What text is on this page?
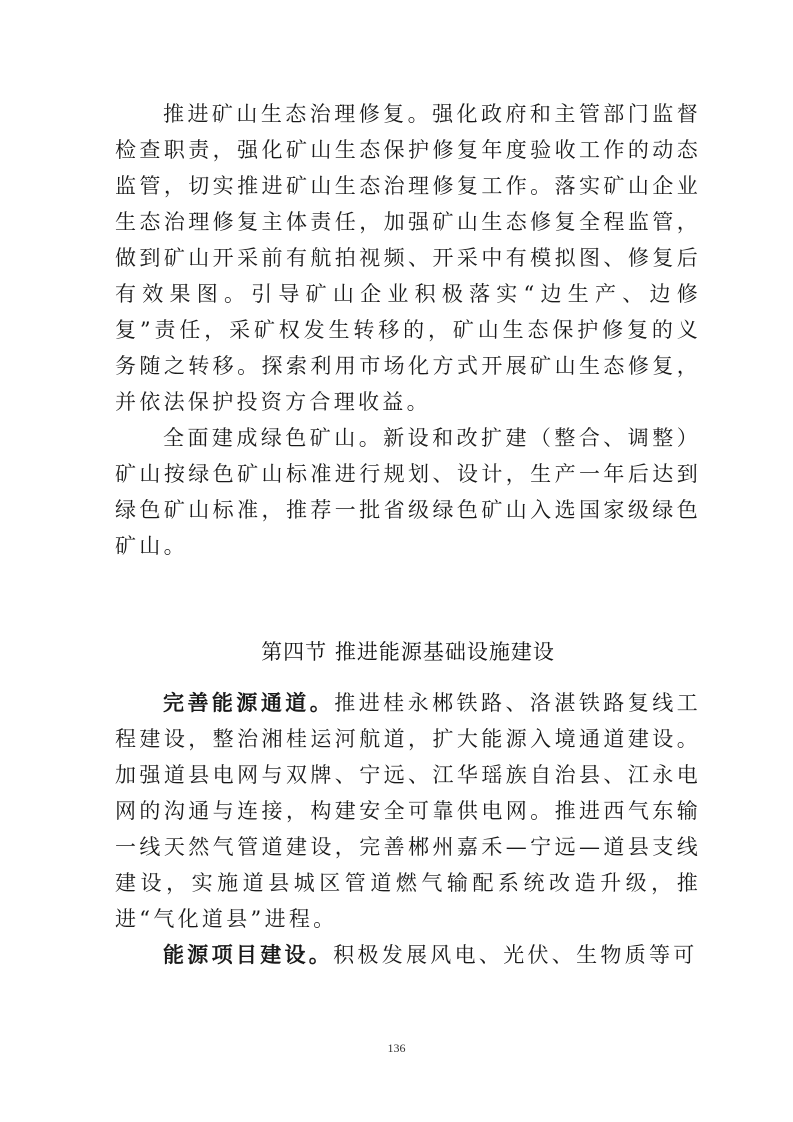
推进矿山生态治理修复。强化政府和主管部门监督检查职责，强化矿山生态保护修复年度验收工作的动态监管，切实推进矿山生态治理修复工作。落实矿山企业生态治理修复主体责任，加强矿山生态修复全程监管，做到矿山开采前有航拍视频、开采中有模拟图、修复后有效果图。引导矿山企业积极落实“边生产、边修复”责任，采矿权发生转移的，矿山生态保护修复的义务随之转移。探索利用市场化方式开展矿山生态修复，并依法保护投资方合理收益。

全面建成绿色矿山。新设和改扩建（整合、调整）矿山按绿色矿山标准进行规划、设计，生产一年后达到绿色矿山标准，推荐一批省级绿色矿山入选国家级绿色矿山。

第四节 推进能源基础设施建设

完善能源通道。推进桂永郴铁路、洛湛铁路复线工程建设，整治湘桂运河航道，扩大能源入境通道建设。加强道县电网与双牌、宁远、江华瑶族自治县、江永电网的沟通与连接，构建安全可靠供电网。推进西气东输一线天然气管道建设，完善郴州嘉禾—宁远—道县支线建设，实施道县城区管道燃气输配系统改造升级，推进“气化道县”进程。

能源项目建设。积极发展风电、光伏、生物质等可

136
